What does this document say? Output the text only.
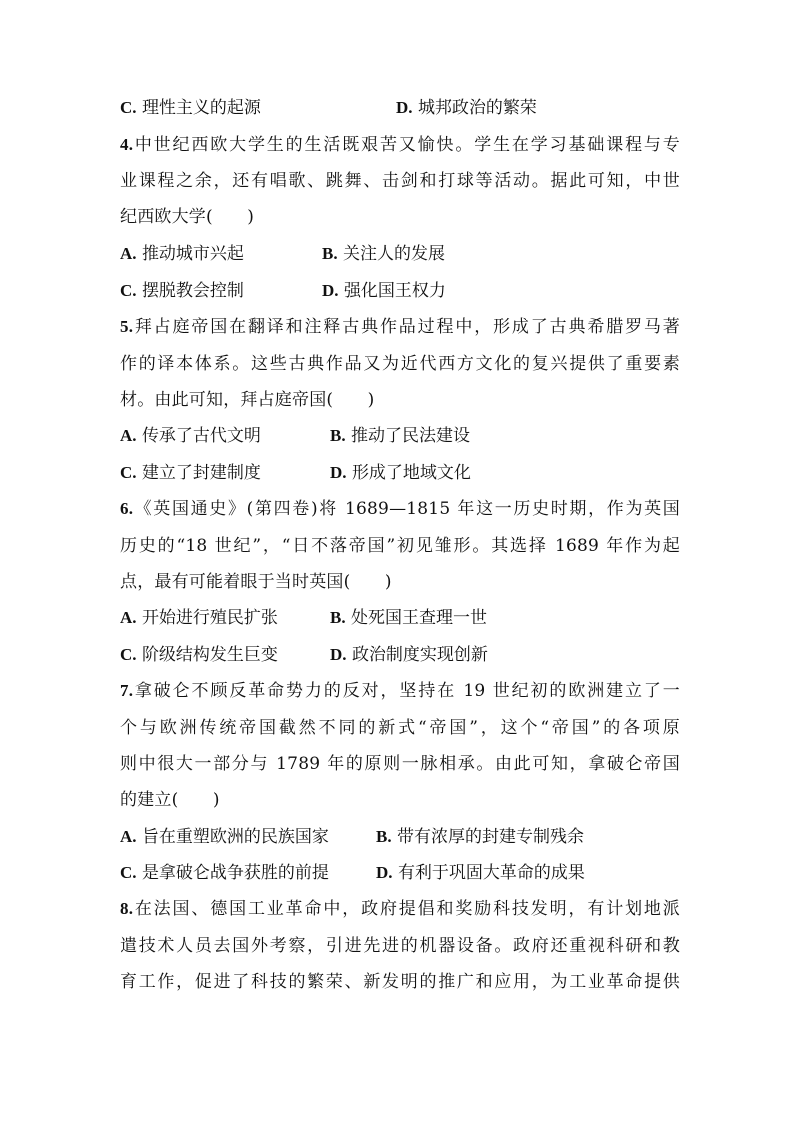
C. 理性主义的起源	D. 城邦政治的繁荣
4.中世纪西欧大学生的生活既艰苦又愉快。学生在学习基础课程与专
业课程之余，还有唱歌、跳舞、击剑和打球等活动。据此可知，中世
纪西欧大学(　　)
A. 推动城市兴起	B. 关注人的发展
C. 摆脱教会控制	D. 强化国王权力
5.拜占庭帝国在翻译和注释古典作品过程中，形成了古典希腊罗马著
作的译本体系。这些古典作品又为近代西方文化的复兴提供了重要素
材。由此可知，拜占庭帝国(　　)
A. 传承了古代文明	B. 推动了民法建设
C. 建立了封建制度	D. 形成了地域文化
6.《英国通史》(第四卷)将 1689—1815 年这一历史时期，作为英国
历史的“18 世纪”，“日不落帝国”初见雏形。其选择 1689 年作为起
点，最有可能着眼于当时英国(　　)
A. 开始进行殖民扩张	B. 处死国王查理一世
C. 阶级结构发生巨变	D. 政治制度实现创新
7.拿破仑不顾反革命势力的反对，坚持在 19 世纪初的欧洲建立了一
个与欧洲传统帝国截然不同的新式“帝国”，这个“帝国”的各项原
则中很大一部分与 1789 年的原则一脉相承。由此可知，拿破仑帝国
的建立(　　)
A. 旨在重塑欧洲的民族国家	B. 带有浓厚的封建专制残余
C. 是拿破仑战争获胜的前提	D. 有利于巩固大革命的成果
8.在法国、德国工业革命中，政府提倡和奖励科技发明，有计划地派
遣技术人员去国外考察，引进先进的机器设备。政府还重视科研和教
育工作，促进了科技的繁荣、新发明的推广和应用，为工业革命提供
